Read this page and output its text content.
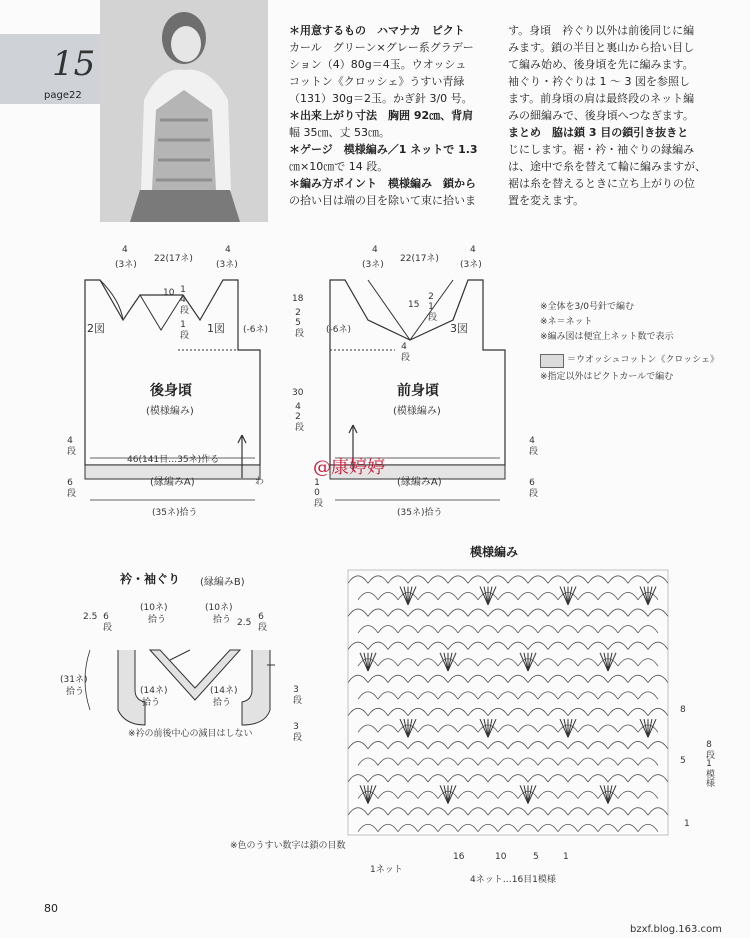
15
page22

＊用意するもの　ハマナカ　ピクト

カール　グリーン×グレー系グラデー

ション（4）80g＝4玉。ウオッシュ

コットン《クロッシェ》うすい青緑

（131）30g＝2玉。かぎ針 3/0 号。

＊出来上がり寸法　胸囲 92㎝、背肩

幅 35㎝、丈 53㎝。

＊ゲージ　模様編み／1 ネットで 1.3

㎝×10㎝で 14 段。

＊編み方ポイント　模様編み　鎖から

の拾い目は端の目を除いて束に拾いま

す。身頃　衿ぐり以外は前後同じに編

みます。鎖の半目と裏山から拾い目し

て編み始め、後身頃を先に編みます。

袖ぐり・衿ぐりは 1 ～ 3 図を参照し

ます。前身頃の肩は最終段のネット編

みの細編みで、後身頃へつなぎます。

まとめ　脇は鎖 3 目の鎖引き抜きと

じにします。裾・衿・袖ぐりの縁編み

は、途中で糸を替えて輪に編みますが、

裾は糸を替えるときに立ち上がりの位

置を変えます。

4
(3ネ)
22(17ネ)
4
(3ネ)
10 14段
1段
2図	1図 (-6ネ)
後身頃
(模様編み)
46(141目…35ネ)作る
(縁編みA)
4段
6段
(35ネ)拾う
わ
18
25段
30
42段
4
(3ネ)
22(17ネ)
4
(3ネ)
15 21段
4段
(-6ネ)	3図
前身頃
(模様編み)
(縁編みA)
(35ネ)拾う
10段
4段
6段
@康婷婷
※全体を3/0号針で編む
※ネ＝ネット
※編み図は便宜上ネット数で表示
＝ウオッシュコットン《クロッシェ》
※指定以外はピクトカールで編む
衿・袖ぐり (縁編みB)
(10ネ)
拾う
(10ネ)
拾う
2.5 6段	2.5 6段
(31ネ)
拾う	(14ネ)
拾う
(14ネ)
拾う	3段
3段
※衿の前後中心の減目はしない
模様編み
8
5
1
8段1模様
16	10	5	1
1ネット
4ネット…16目1模様
※色のうすい数字は鎖の目数
80
bzxf.blog.163.com
